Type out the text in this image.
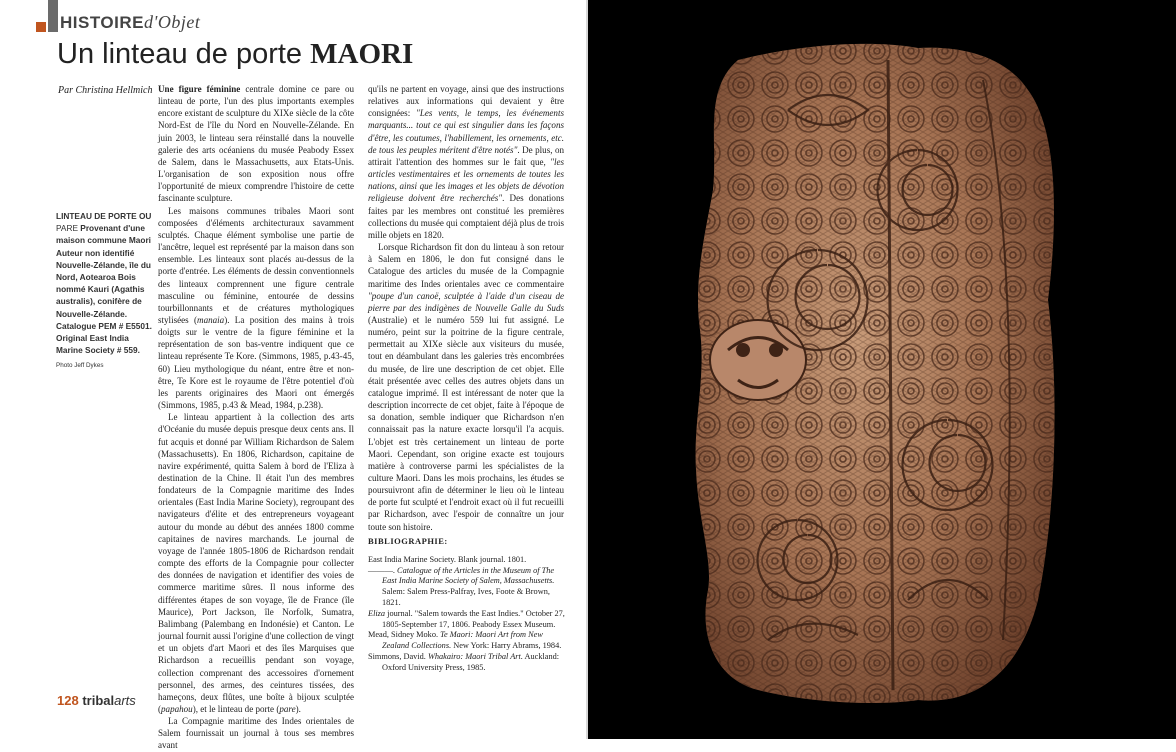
HISTOIREd'Objet
Un linteau de porte MAORI
Par Christina Hellmich
LINTEAU DE PORTE OU PARE Provenant d'une maison commune Maori Auteur non identifié Nouvelle-Zélande, île du Nord, Aotearoa Bois nommé Kauri (Agathis australis), conifère de Nouvelle-Zélande. Catalogue PEM # E5501. Original East India Marine Society # 559.
Photo Jeff Dykes

Une figure féminine centrale domine ce pare ou linteau de porte, l'un des plus importants exemples encore existant de sculpture du XIXe siècle de la côte Nord-Est de l'île du Nord en Nouvelle-Zélande. En juin 2003, le linteau sera réinstallé dans la nouvelle galerie des arts océaniens du musée Peabody Essex de Salem, dans le Massachusetts, aux Etats-Unis. L'organisation de son exposition nous offre l'opportunité de mieux comprendre l'histoire de cette fascinante sculpture.

Les maisons communes tribales Maori sont composées d'éléments architecturaux savamment sculptés. Chaque élément symbolise une partie de l'ancêtre, lequel est représenté par la maison dans son ensemble. Les linteaux sont placés au-dessus de la porte d'entrée. Les éléments de dessin conventionnels des linteaux comprennent une figure centrale masculine ou féminine, entourée de dessins tourbillonnants et de créatures mythologiques stylisées (manaia). La position des mains à trois doigts sur le ventre de la figure féminine et la représentation de son bas-ventre indiquent que ce linteau représente Te Kore. (Simmons, 1985, p.43-45, 60) Lieu mythologique du néant, entre être et non-être, Te Kore est le royaume de l'être potentiel d'où les parents originaires des Maori ont émergés (Simmons, 1985, p.43 & Mead, 1984, p.238).

Le linteau appartient à la collection des arts d'Océanie du musée depuis presque deux cents ans. Il fut acquis et donné par William Richardson de Salem (Massachusetts). En 1806, Richardson, capitaine de navire expérimenté, quitta Salem à bord de l'Eliza à destination de la Chine. Il était l'un des membres fondateurs de la Compagnie maritime des Indes orientales (East India Marine Society), regroupant des navigateurs d'élite et des entrepreneurs voyageant autour du monde au début des années 1800 comme capitaines de navires marchands. Le journal de voyage de l'année 1805-1806 de Richardson rendait compte des efforts de la Compagnie pour collecter des données de navigation et identifier des voies de commerce maritime sûres. Il nous informe des différentes étapes de son voyage, île de France (île Maurice), Port Jackson, île Norfolk, Sumatra, Balimbang (Palembang en Indonésie) et Canton. Le journal fournit aussi l'origine d'une collection de vingt et un objets d'art Maori et des îles Marquises que Richardson a recueillis pendant son voyage, collection comprenant des accessoires d'ornement personnel, des armes, des ceintures tissées, des hameçons, deux flûtes, une boîte à bijoux sculptée (papahou), et le linteau de porte (pare).

La Compagnie maritime des Indes orientales de Salem fournissait un journal à tous ses membres avant

qu'ils ne partent en voyage, ainsi que des instructions relatives aux informations qui devaient y être consignées: "Les vents, le temps, les événements marquants... tout ce qui est singulier dans les façons d'être, les coutumes, l'habillement, les ornements, etc. de tous les peuples méritent d'être notés". De plus, on attirait l'attention des hommes sur le fait que, "les articles vestimentaires et les ornements de toutes les nations, ainsi que les images et les objets de dévotion religieuse doivent être recherchés". Des donations faites par les membres ont constitué les premières collections du musée qui comptaient déjà plus de trois mille objets en 1820.

Lorsque Richardson fit don du linteau à son retour à Salem en 1806, le don fut consigné dans le Catalogue des articles du musée de la Compagnie maritime des Indes orientales avec ce commentaire "poupe d'un canoë, sculptée à l'aide d'un ciseau de pierre par des indigènes de Nouvelle Galle du Suds (Australie) et le numéro 559 lui fut assigné. Le numéro, peint sur la poitrine de la figure centrale, permettait au XIXe siècle aux visiteurs du musée, tout en déambulant dans les galeries très encombrées du musée, de lire une description de cet objet. Elle était présentée avec celles des autres objets dans un catalogue imprimé. Il est intéressant de noter que la description incorrecte de cet objet, faite à l'époque de sa donation, semble indiquer que Richardson n'en connaissait pas la nature exacte lorsqu'il l'a acquis. L'objet est très certainement un linteau de porte Maori. Cependant, son origine exacte est toujours matière à controverse parmi les spécialistes de la culture Maori. Dans les mois prochains, les études se poursuivront afin de déterminer le lieu où le linteau de porte fut sculpté et l'endroit exact où il fut recueilli par Richardson, avec l'espoir de connaître un jour toute son histoire.

BIBLIOGRAPHIE:

East India Marine Society. Blank journal. 1801.

———. Catalogue of the Articles in the Museum of The East India Marine Society of Salem, Massachusetts. Salem: Salem Press-Palfray, Ives, Foote & Brown, 1821.

Eliza journal. "Salem towards the East Indies." October 27, 1805-September 17, 1806. Peabody Essex Museum.

Mead, Sidney Moko. Te Maori: Maori Art from New Zealand Collections. New York: Harry Abrams, 1984.

Simmons, David. Whakairo: Maori Tribal Art. Auckland: Oxford University Press, 1985.

128 tribalarts
